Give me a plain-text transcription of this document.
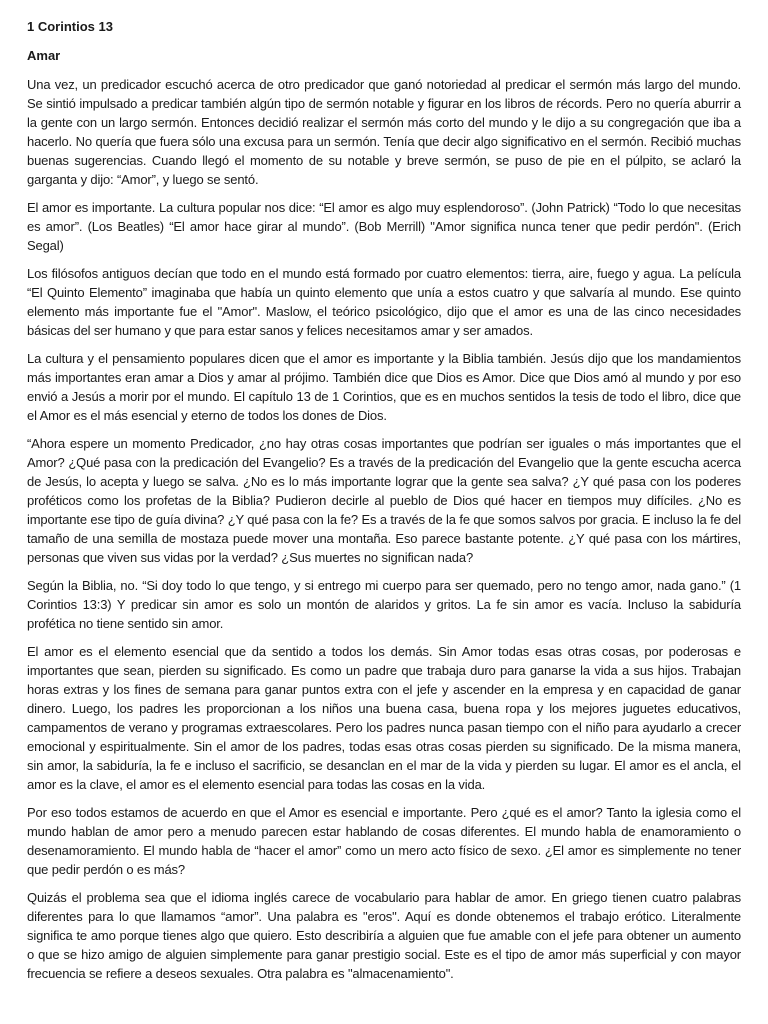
1 Corintios 13

Amar

Una vez, un predicador escuchó acerca de otro predicador que ganó notoriedad al predicar el sermón más largo del mundo. Se sintió impulsado a predicar también algún tipo de sermón notable y figurar en los libros de récords. Pero no quería aburrir a la gente con un largo sermón. Entonces decidió realizar el sermón más corto del mundo y le dijo a su congregación que iba a hacerlo. No quería que fuera sólo una excusa para un sermón. Tenía que decir algo significativo en el sermón. Recibió muchas buenas sugerencias. Cuando llegó el momento de su notable y breve sermón, se puso de pie en el púlpito, se aclaró la garganta y dijo: “Amor”, y luego se sentó.

El amor es importante. La cultura popular nos dice: “El amor es algo muy esplendoroso”. (John Patrick) “Todo lo que necesitas es amor”. (Los Beatles) “El amor hace girar al mundo”. (Bob Merrill) "Amor significa nunca tener que pedir perdón". (Erich Segal)

Los filósofos antiguos decían que todo en el mundo está formado por cuatro elementos: tierra, aire, fuego y agua. La película “El Quinto Elemento” imaginaba que había un quinto elemento que unía a estos cuatro y que salvaría al mundo. Ese quinto elemento más importante fue el "Amor". Maslow, el teórico psicológico, dijo que el amor es una de las cinco necesidades básicas del ser humano y que para estar sanos y felices necesitamos amar y ser amados.

La cultura y el pensamiento populares dicen que el amor es importante y la Biblia también. Jesús dijo que los mandamientos más importantes eran amar a Dios y amar al prójimo. También dice que Dios es Amor. Dice que Dios amó al mundo y por eso envió a Jesús a morir por el mundo. El capítulo 13 de 1 Corintios, que es en muchos sentidos la tesis de todo el libro, dice que el Amor es el más esencial y eterno de todos los dones de Dios.

“Ahora espere un momento Predicador, ¿no hay otras cosas importantes que podrían ser iguales o más importantes que el Amor? ¿Qué pasa con la predicación del Evangelio? Es a través de la predicación del Evangelio que la gente escucha acerca de Jesús, lo acepta y luego se salva. ¿No es lo más importante lograr que la gente sea salva? ¿Y qué pasa con los poderes proféticos como los profetas de la Biblia? Pudieron decirle al pueblo de Dios qué hacer en tiempos muy difíciles. ¿No es importante ese tipo de guía divina? ¿Y qué pasa con la fe? Es a través de la fe que somos salvos por gracia. E incluso la fe del tamaño de una semilla de mostaza puede mover una montaña. Eso parece bastante potente. ¿Y qué pasa con los mártires, personas que viven sus vidas por la verdad? ¿Sus muertes no significan nada?

Según la Biblia, no. “Si doy todo lo que tengo, y si entrego mi cuerpo para ser quemado, pero no tengo amor, nada gano.” (1 Corintios 13:3) Y predicar sin amor es solo un montón de alaridos y gritos. La fe sin amor es vacía. Incluso la sabiduría profética no tiene sentido sin amor.

El amor es el elemento esencial que da sentido a todos los demás. Sin Amor todas esas otras cosas, por poderosas e importantes que sean, pierden su significado. Es como un padre que trabaja duro para ganarse la vida a sus hijos. Trabajan horas extras y los fines de semana para ganar puntos extra con el jefe y ascender en la empresa y en capacidad de ganar dinero. Luego, los padres les proporcionan a los niños una buena casa, buena ropa y los mejores juguetes educativos, campamentos de verano y programas extraescolares. Pero los padres nunca pasan tiempo con el niño para ayudarlo a crecer emocional y espiritualmente. Sin el amor de los padres, todas esas otras cosas pierden su significado. De la misma manera, sin amor, la sabiduría, la fe e incluso el sacrificio, se desanclan en el mar de la vida y pierden su lugar. El amor es el ancla, el amor es la clave, el amor es el elemento esencial para todas las cosas en la vida.

Por eso todos estamos de acuerdo en que el Amor es esencial e importante. Pero ¿qué es el amor? Tanto la iglesia como el mundo hablan de amor pero a menudo parecen estar hablando de cosas diferentes. El mundo habla de enamoramiento o desenamoramiento. El mundo habla de “hacer el amor” como un mero acto físico de sexo. ¿El amor es simplemente no tener que pedir perdón o es más?

Quizás el problema sea que el idioma inglés carece de vocabulario para hablar de amor. En griego tienen cuatro palabras diferentes para lo que llamamos “amor”. Una palabra es "eros". Aquí es donde obtenemos el trabajo erótico. Literalmente significa te amo porque tienes algo que quiero. Esto describiría a alguien que fue amable con el jefe para obtener un aumento o que se hizo amigo de alguien simplemente para ganar prestigio social. Este es el tipo de amor más superficial y con mayor frecuencia se refiere a deseos sexuales. Otra palabra es "almacenamiento".
